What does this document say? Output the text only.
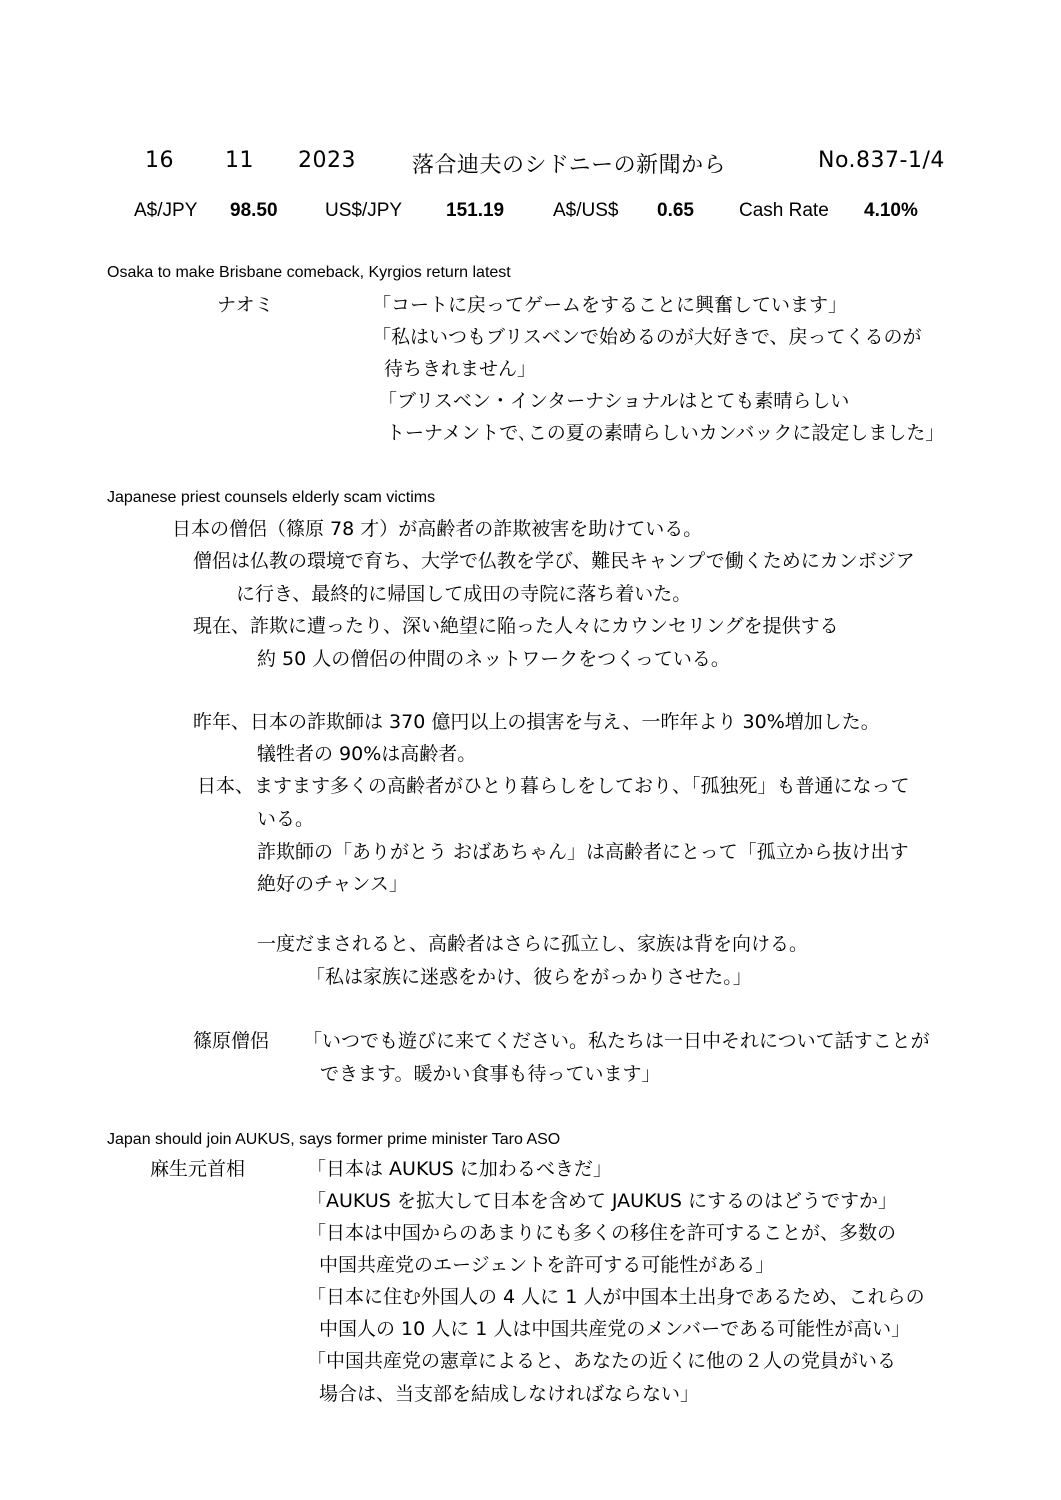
16 11 2023	落合迪夫のシドニーの新聞から	No.837-1/4
A$/JPY 98.50 US$/JPY 151.19	A$/US$ 0.65 Cash Rate 4.10%
Osaka to make Brisbane comeback, Kyrgios return latest
ナオミ	「コートに戻ってゲームをすることに興奮しています」
「私はいつもブリスベンで始めるのが大好きで、戻ってくるのが
待ちきれません」
「ブリスベン・インターナショナルはとても素晴らしい
トーナメントで､この夏の素晴らしいカンバックに設定しました」
Japanese priest counsels elderly scam victims
日本の僧侶（篠原 78 才）が高齢者の詐欺被害を助けている。
僧侶は仏教の環境で育ち、大学で仏教を学び、難民キャンプで働くためにカンボジア
に行き、最終的に帰国して成田の寺院に落ち着いた。
現在、詐欺に遭ったり、深い絶望に陥った人々にカウンセリングを提供する
約 50 人の僧侶の仲間のネットワークをつくっている。
昨年、日本の詐欺師は 370 億円以上の損害を与え、一昨年より 30%増加した。
犠牲者の 90%は高齢者。
日本、ますます多くの高齢者がひとり暮らしをしており、「孤独死」も普通になって
いる。
詐欺師の「ありがとう おばあちゃん」は高齢者にとって「孤立から抜け出す
絶好のチャンス」
一度だまされると、高齢者はさらに孤立し、家族は背を向ける。
「私は家族に迷惑をかけ、彼らをがっかりさせた。」
篠原僧侶 「いつでも遊びに来てください。私たちは一日中それについて話すことが
できます。暖かい食事も待っています」
Japan should join AUKUS, says former prime minister Taro ASO
麻生元首相	「日本は AUKUS に加わるべきだ」
「AUKUS を拡大して日本を含めて JAUKUS にするのはどうですか」
「日本は中国からのあまりにも多くの移住を許可することが、多数の
中国共産党のエージェントを許可する可能性がある」
「日本に住む外国人の 4 人に 1 人が中国本土出身であるため、これらの
中国人の 10 人に 1 人は中国共産党のメンバーである可能性が高い」
「中国共産党の憲章によると、あなたの近くに他の２人の党員がいる
場合は、当支部を結成しなければならない」
